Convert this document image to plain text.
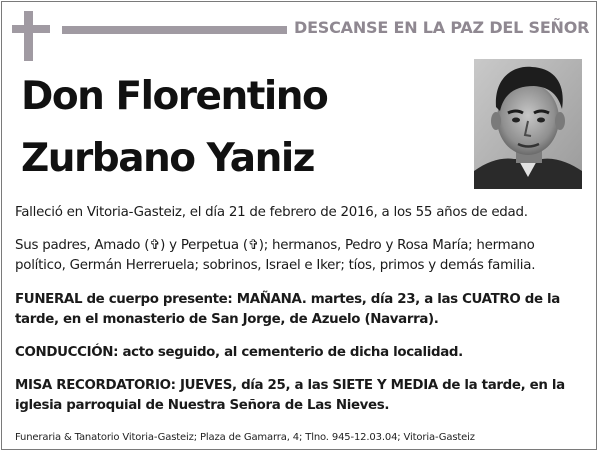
DESCANSE EN LA PAZ DEL SEÑOR
Don Florentino
Zurbano Yaniz
Falleció en Vitoria-Gasteiz, el día 21 de febrero de 2016, a los 55 años de edad.
Sus padres, Amado (✞) y Perpetua (✞); hermanos, Pedro y Rosa María; hermano político, Germán Herreruela; sobrinos, Israel e Iker; tíos, primos y demás familia.
FUNERAL de cuerpo presente: MAÑANA. martes, día 23, a las CUATRO de la tarde, en el monasterio de San Jorge, de Azuelo (Navarra).
CONDUCCIÓN: acto seguido, al cementerio de dicha localidad.
MISA RECORDATORIO: JUEVES, día 25, a las SIETE Y MEDIA de la tarde, en la iglesia parroquial de Nuestra Señora de Las Nieves.
Funeraria & Tanatorio Vitoria-Gasteiz; Plaza de Gamarra, 4; Tlno. 945-12.03.04; Vitoria-Gasteiz
